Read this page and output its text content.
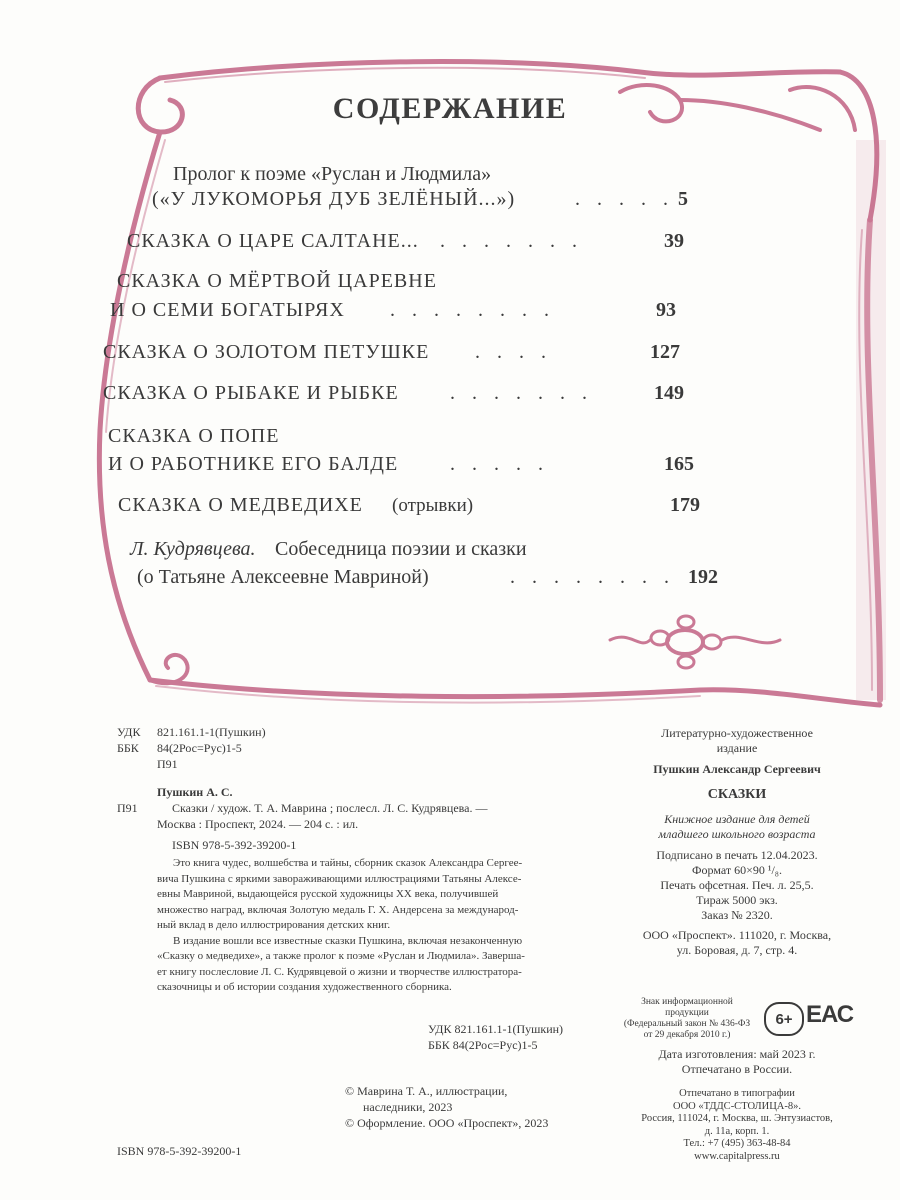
СОДЕРЖАНИЕ
Пролог к поэме «Руслан и Людмила»
(«У ЛУКОМОРЬЯ ДУБ ЗЕЛЁНЫЙ...»)	. . . . . 5
СКАЗКА О ЦАРЕ САЛТАНЕ... . . . . . . .	39
СКАЗКА О МЁРТВОЙ ЦАРЕВНЕ
И О СЕМИ БОГАТЫРЯХ . . . . . . . .	93
СКАЗКА О ЗОЛОТОМ ПЕТУШКЕ . . . .	127
СКАЗКА О РЫБАКЕ И РЫБКЕ	. . . . . . .	149
СКАЗКА О ПОПЕ
И О РАБОТНИКЕ ЕГО БАЛДЕ	. . . . .	165
СКАЗКА О МЕДВЕДИХЕ (отрывки)	179
Л. Кудрявцева. Собеседница поэзии и сказки
(о Татьяне Алексеевне Мавриной)	. . . . . . . . 192
УДК 821.161.1-1(Пушкин)
ББК 84(2Рос=Рус)1-5
П91
Пушкин А. С.
П91	Сказки / худож. Т. А. Маврина ; послесл. Л. С. Кудрявцева. —
Москва : Проспект, 2024. — 204 с. : ил.
ISBN 978-5-392-39200-1
Это книга чудес, волшебства и тайны, сборник сказок Александра Сергее-
вича Пушкина с яркими завораживающими иллюстрациями Татьяны Алексе-
евны Мавриной, выдающейся русской художницы XX века, получившей
множество наград, включая Золотую медаль Г. Х. Андерсена за международ-
ный вклад в дело иллюстрирования детских книг.
В издание вошли все известные сказки Пушкина, включая незаконченную
«Сказку о медведихе», а также пролог к поэме «Руслан и Людмила». Заверша-
ет книгу послесловие Л. С. Кудрявцевой о жизни и творчестве иллюстратора-
сказочницы и об истории создания художественного сборника.
УДК 821.161.1-1(Пушкин)
ББК 84(2Рос=Рус)1-5
ISBN 978-5-392-39200-1
© Маврина Т. А., иллюстрации,
наследники, 2023
© Оформление. ООО «Проспект», 2023
Литературно-художественное
издание
Пушкин Александр Сергеевич
СКАЗКИ
Книжное издание для детей
младшего школьного возраста
Подписано в печать 12.04.2023.
Формат 60×90 ¹/₈.
Печать офсетная. Печ. л. 25,5.
Тираж 5000 экз.
Заказ № 2320.
ООО «Проспект». 111020, г. Москва,
ул. Боровая, д. 7, стр. 4.
Знак информационной
продукции
(Федеральный закон № 436-ФЗ
от 29 декабря 2010 г.)
6+ ЕАС
Дата изготовления: май 2023 г.
Отпечатано в России.
Отпечатано в типографии
ООО «ТДДС-СТОЛИЦА-8».
Россия, 111024, г. Москва, ш. Энтузиастов,
д. 11а, корп. 1.
Тел.: +7 (495) 363-48-84
www.capitalpress.ru
